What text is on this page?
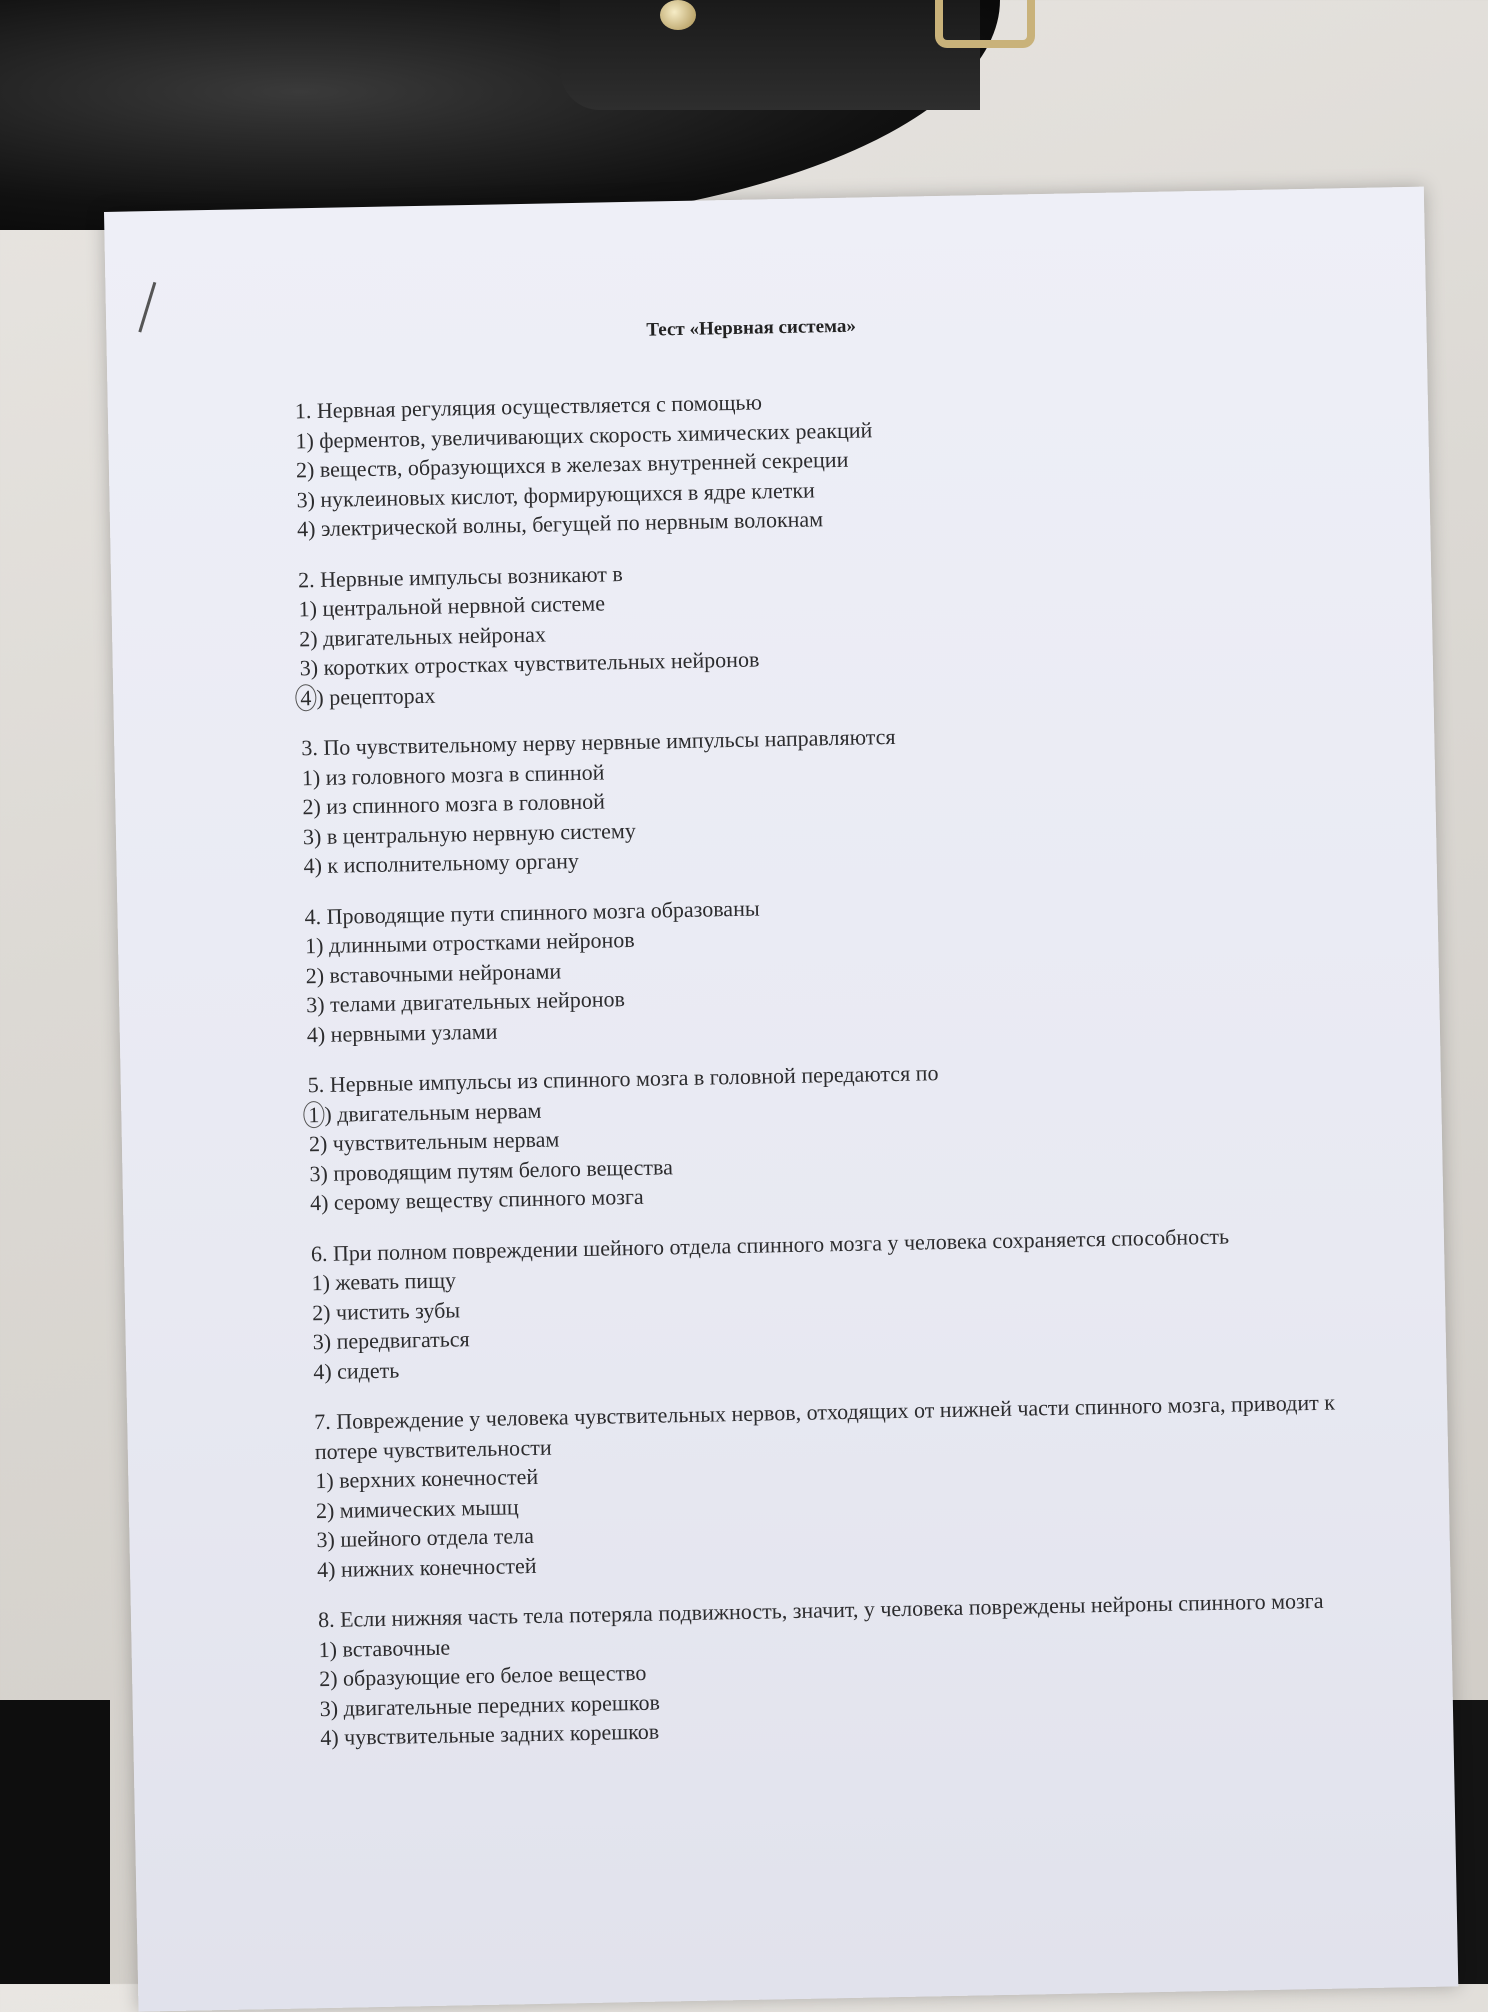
Тест «Нервная система»
1. Нервная регуляция осуществляется с помощью
1) ферментов, увеличивающих скорость химических реакций
2) веществ, образующихся в железах внутренней секреции
3) нуклеиновых кислот, формирующихся в ядре клетки
4) электрической волны, бегущей по нервным волокнам
2. Нервные импульсы возникают в
1) центральной нервной системе
2) двигательных нейронах
3) коротких отростках чувствительных нейронов
4 ) рецепторах
3. По чувствительному нерву нервные импульсы направляются
1) из головного мозга в спинной
2) из спинного мозга в головной
3) в центральную нервную систему
4) к исполнительному органу
4. Проводящие пути спинного мозга образованы
1) длинными отростками нейронов
2) вставочными нейронами
3) телами двигательных нейронов
4) нервными узлами
5. Нервные импульсы из спинного мозга в головной передаются по
1 ) двигательным нервам
2) чувствительным нервам
3) проводящим путям белого вещества
4) серому веществу спинного мозга
6. При полном повреждении шейного отдела спинного мозга у человека сохраняется способность
1) жевать пищу
2) чистить зубы
3) передвигаться
4) сидеть
7. Повреждение у человека чувствительных нервов, отходящих от нижней части спинного мозга, приводит к потере чувствительности
1) верхних конечностей
2) мимических мышц
3) шейного отдела тела
4) нижних конечностей
8. Если нижняя часть тела потеряла подвижность, значит, у человека повреждены нейроны спинного мозга
1) вставочные
2) образующие его белое вещество
3) двигательные передних корешков
4) чувствительные задних корешков
